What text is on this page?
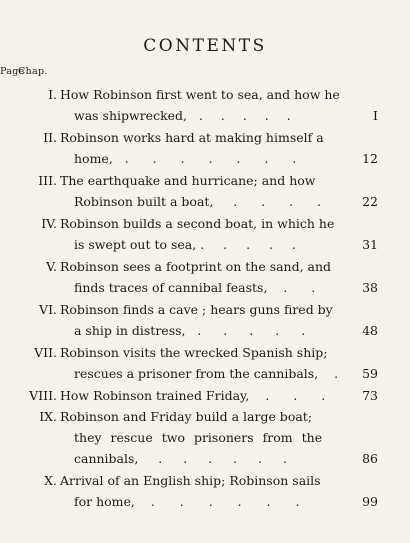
CONTENTS
Chap.
Page
I. How Robinson first went to sea, and how he
was shipwrecked, . . . . .	I
II. Robinson works hard at making himself a
home, . . . . . . .	12
III. The earthquake and hurricane; and how
Robinson built a boat, . . . .	22
IV. Robinson builds a second boat, in which he
is swept out to sea, . . . . .	31
V. Robinson sees a footprint on the sand, and
finds traces of cannibal feasts, . .	38
VI. Robinson finds a cave ; hears guns fired by
a ship in distress, . . . . .	48
VII. Robinson visits the wrecked Spanish ship;
rescues a prisoner from the cannibals, .	59
VIII. How Robinson trained Friday, . . .	73
IX. Robinson and Friday build a large boat;
they rescue two prisoners from the
cannibals, . . . . . .	86
X. Arrival of an English ship; Robinson sails
for home, . . . . . .	99
